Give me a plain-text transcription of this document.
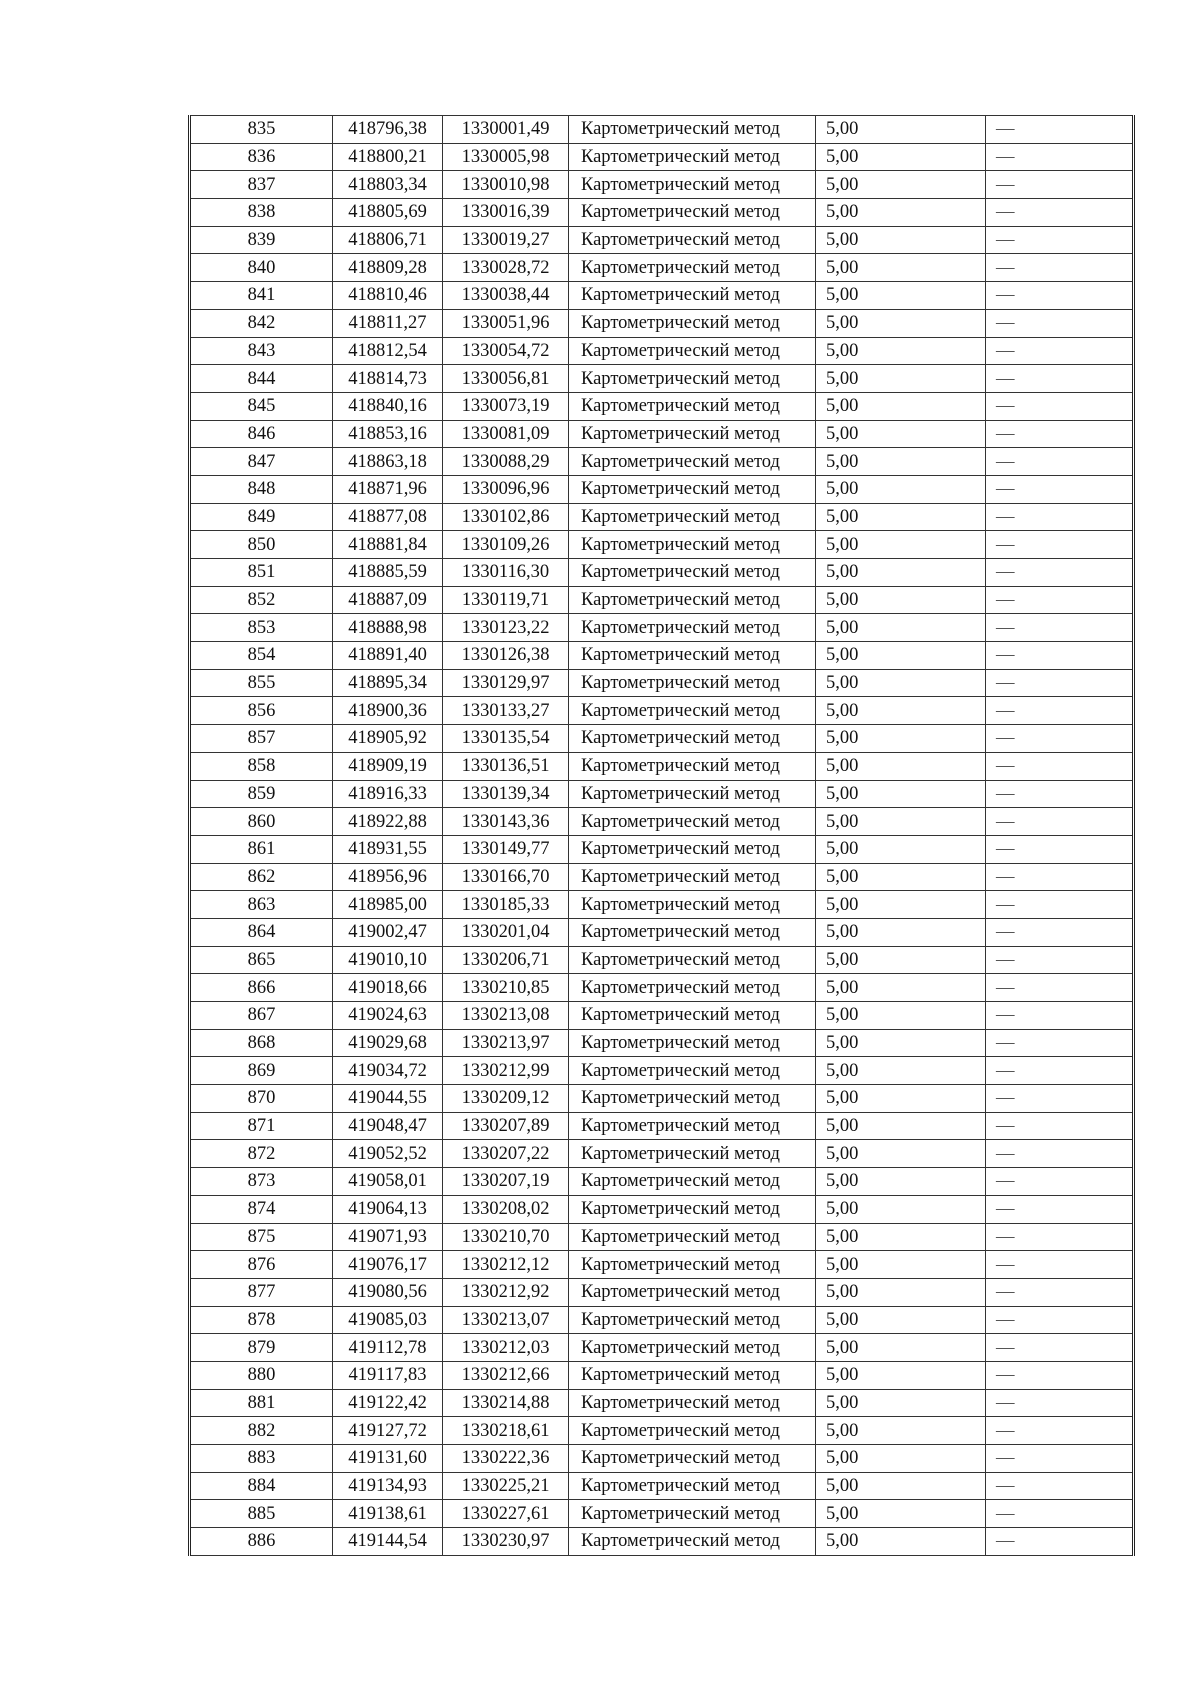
835	418796,38	1330001,49	Картометрический метод	5,00	—
836	418800,21	1330005,98	Картометрический метод	5,00	—
837	418803,34	1330010,98	Картометрический метод	5,00	—
838	418805,69	1330016,39	Картометрический метод	5,00	—
839	418806,71	1330019,27	Картометрический метод	5,00	—
840	418809,28	1330028,72	Картометрический метод	5,00	—
841	418810,46	1330038,44	Картометрический метод	5,00	—
842	418811,27	1330051,96	Картометрический метод	5,00	—
843	418812,54	1330054,72	Картометрический метод	5,00	—
844	418814,73	1330056,81	Картометрический метод	5,00	—
845	418840,16	1330073,19	Картометрический метод	5,00	—
846	418853,16	1330081,09	Картометрический метод	5,00	—
847	418863,18	1330088,29	Картометрический метод	5,00	—
848	418871,96	1330096,96	Картометрический метод	5,00	—
849	418877,08	1330102,86	Картометрический метод	5,00	—
850	418881,84	1330109,26	Картометрический метод	5,00	—
851	418885,59	1330116,30	Картометрический метод	5,00	—
852	418887,09	1330119,71	Картометрический метод	5,00	—
853	418888,98	1330123,22	Картометрический метод	5,00	—
854	418891,40	1330126,38	Картометрический метод	5,00	—
855	418895,34	1330129,97	Картометрический метод	5,00	—
856	418900,36	1330133,27	Картометрический метод	5,00	—
857	418905,92	1330135,54	Картометрический метод	5,00	—
858	418909,19	1330136,51	Картометрический метод	5,00	—
859	418916,33	1330139,34	Картометрический метод	5,00	—
860	418922,88	1330143,36	Картометрический метод	5,00	—
861	418931,55	1330149,77	Картометрический метод	5,00	—
862	418956,96	1330166,70	Картометрический метод	5,00	—
863	418985,00	1330185,33	Картометрический метод	5,00	—
864	419002,47	1330201,04	Картометрический метод	5,00	—
865	419010,10	1330206,71	Картометрический метод	5,00	—
866	419018,66	1330210,85	Картометрический метод	5,00	—
867	419024,63	1330213,08	Картометрический метод	5,00	—
868	419029,68	1330213,97	Картометрический метод	5,00	—
869	419034,72	1330212,99	Картометрический метод	5,00	—
870	419044,55	1330209,12	Картометрический метод	5,00	—
871	419048,47	1330207,89	Картометрический метод	5,00	—
872	419052,52	1330207,22	Картометрический метод	5,00	—
873	419058,01	1330207,19	Картометрический метод	5,00	—
874	419064,13	1330208,02	Картометрический метод	5,00	—
875	419071,93	1330210,70	Картометрический метод	5,00	—
876	419076,17	1330212,12	Картометрический метод	5,00	—
877	419080,56	1330212,92	Картометрический метод	5,00	—
878	419085,03	1330213,07	Картометрический метод	5,00	—
879	419112,78	1330212,03	Картометрический метод	5,00	—
880	419117,83	1330212,66	Картометрический метод	5,00	—
881	419122,42	1330214,88	Картометрический метод	5,00	—
882	419127,72	1330218,61	Картометрический метод	5,00	—
883	419131,60	1330222,36	Картометрический метод	5,00	—
884	419134,93	1330225,21	Картометрический метод	5,00	—
885	419138,61	1330227,61	Картометрический метод	5,00	—
886	419144,54	1330230,97	Картометрический метод	5,00	—
